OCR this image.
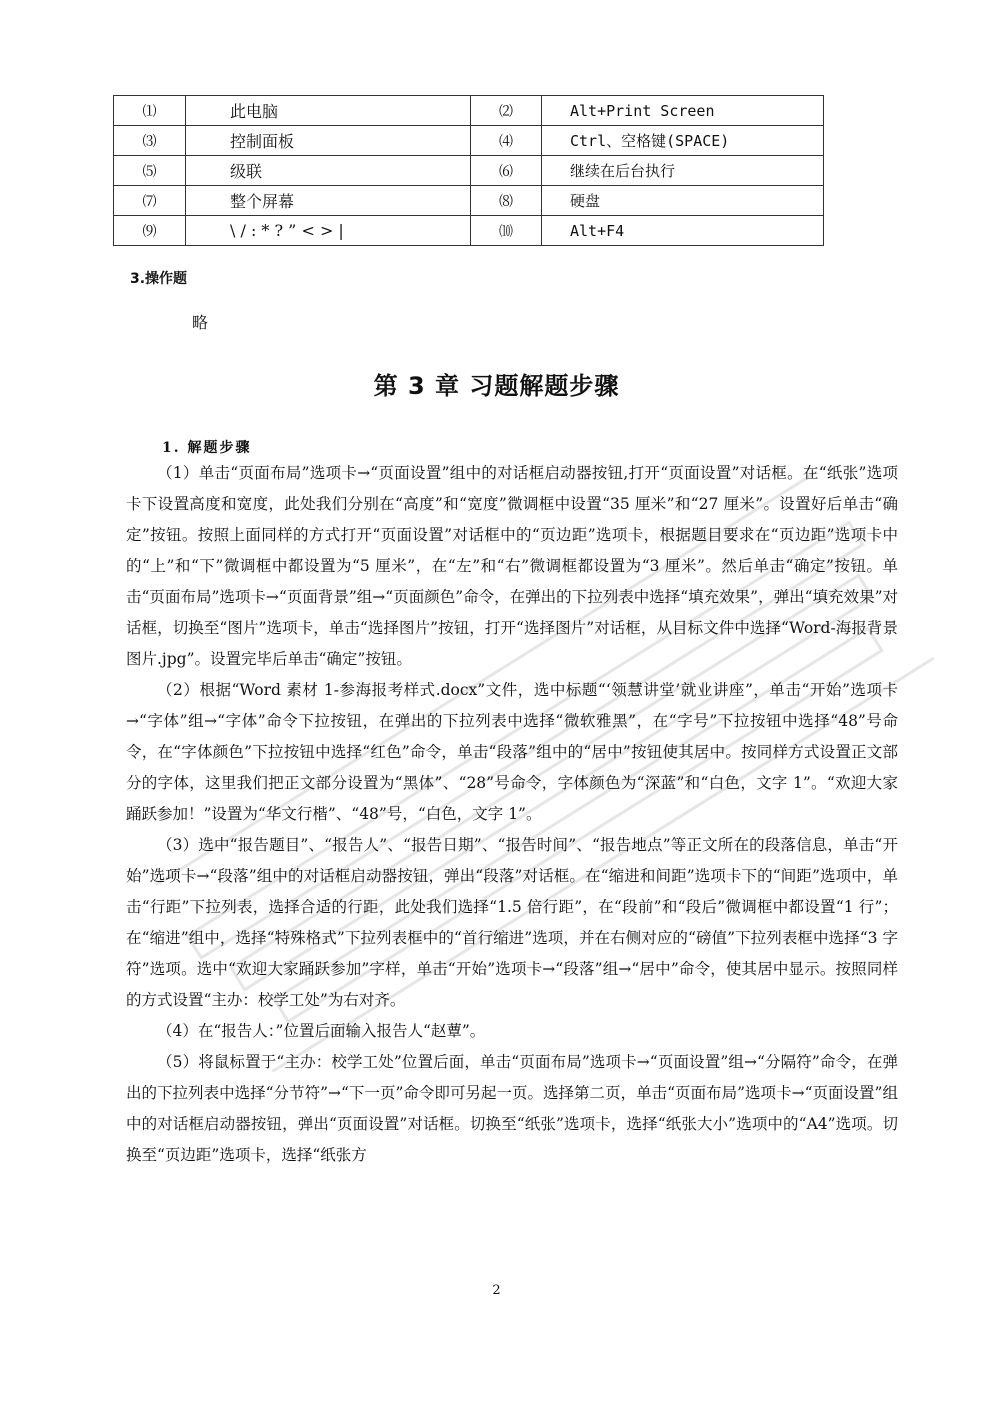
⑴	此电脑	⑵	Alt+Print Screen
⑶	控制面板	⑷	Ctrl、空格键(SPACE)
⑸	级联	⑹	继续在后台执行
⑺	整个屏幕	⑻	硬盘
⑼	\ / : * ? ” < > |	⑽	Alt+F4
3.操作题
略
第 3 章 习题解题步骤
1. 解题步骤

（1）单击“页面布局”选项卡→“页面设置”组中的对话框启动器按钮,打开“页面设置”对话框。在“纸张”选项卡下设置高度和宽度，此处我们分别在“高度”和“宽度”微调框中设置“35 厘米”和“27 厘米”。设置好后单击“确定”按钮。按照上面同样的方式打开“页面设置”对话框中的“页边距”选项卡，根据题目要求在“页边距”选项卡中的“上”和“下”微调框中都设置为“5 厘米”，在“左”和“右”微调框都设置为“3 厘米”。然后单击“确定”按钮。单击“页面布局”选项卡→“页面背景”组→“页面颜色”命令，在弹出的下拉列表中选择“填充效果”，弹出“填充效果”对话框，切换至“图片”选项卡，单击“选择图片”按钮，打开“选择图片”对话框，从目标文件中选择“Word-海报背景图片.jpg”。设置完毕后单击“确定”按钮。

（2）根据“Word 素材 1-参海报考样式.docx”文件，选中标题“‘领慧讲堂’就业讲座”，单击“开始”选项卡→“字体”组→“字体”命令下拉按钮，在弹出的下拉列表中选择“微软雅黑”，在“字号”下拉按钮中选择“48”号命令，在“字体颜色”下拉按钮中选择“红色”命令，单击“段落”组中的“居中”按钮使其居中。按同样方式设置正文部分的字体，这里我们把正文部分设置为“黑体”、“28”号命令，字体颜色为“深蓝”和“白色，文字 1”。“欢迎大家踊跃参加！”设置为“华文行楷”、“48”号，“白色，文字 1”。

（3）选中“报告题目”、“报告人”、“报告日期”、“报告时间”、“报告地点”等正文所在的段落信息，单击“开始”选项卡→“段落”组中的对话框启动器按钮，弹出“段落”对话框。在“缩进和间距”选项卡下的“间距”选项中，单击“行距”下拉列表，选择合适的行距，此处我们选择“1.5 倍行距”，在“段前”和“段后”微调框中都设置“1 行”；在“缩进”组中，选择“特殊格式”下拉列表框中的“首行缩进”选项，并在右侧对应的“磅值”下拉列表框中选择“3 字符”选项。选中“欢迎大家踊跃参加”字样，单击“开始”选项卡→“段落”组→“居中”命令，使其居中显示。按照同样的方式设置“主办：校学工处”为右对齐。

（4）在“报告人：”位置后面输入报告人“赵蕈”。

（5）将鼠标置于“主办：校学工处”位置后面，单击“页面布局”选项卡→“页面设置”组→“分隔符”命令，在弹出的下拉列表中选择“分节符”→“下一页”命令即可另起一页。选择第二页，单击“页面布局”选项卡→“页面设置”组中的对话框启动器按钮，弹出“页面设置”对话框。切换至“纸张”选项卡，选择“纸张大小”选项中的“A4”选项。切换至“页边距”选项卡，选择“纸张方

2
